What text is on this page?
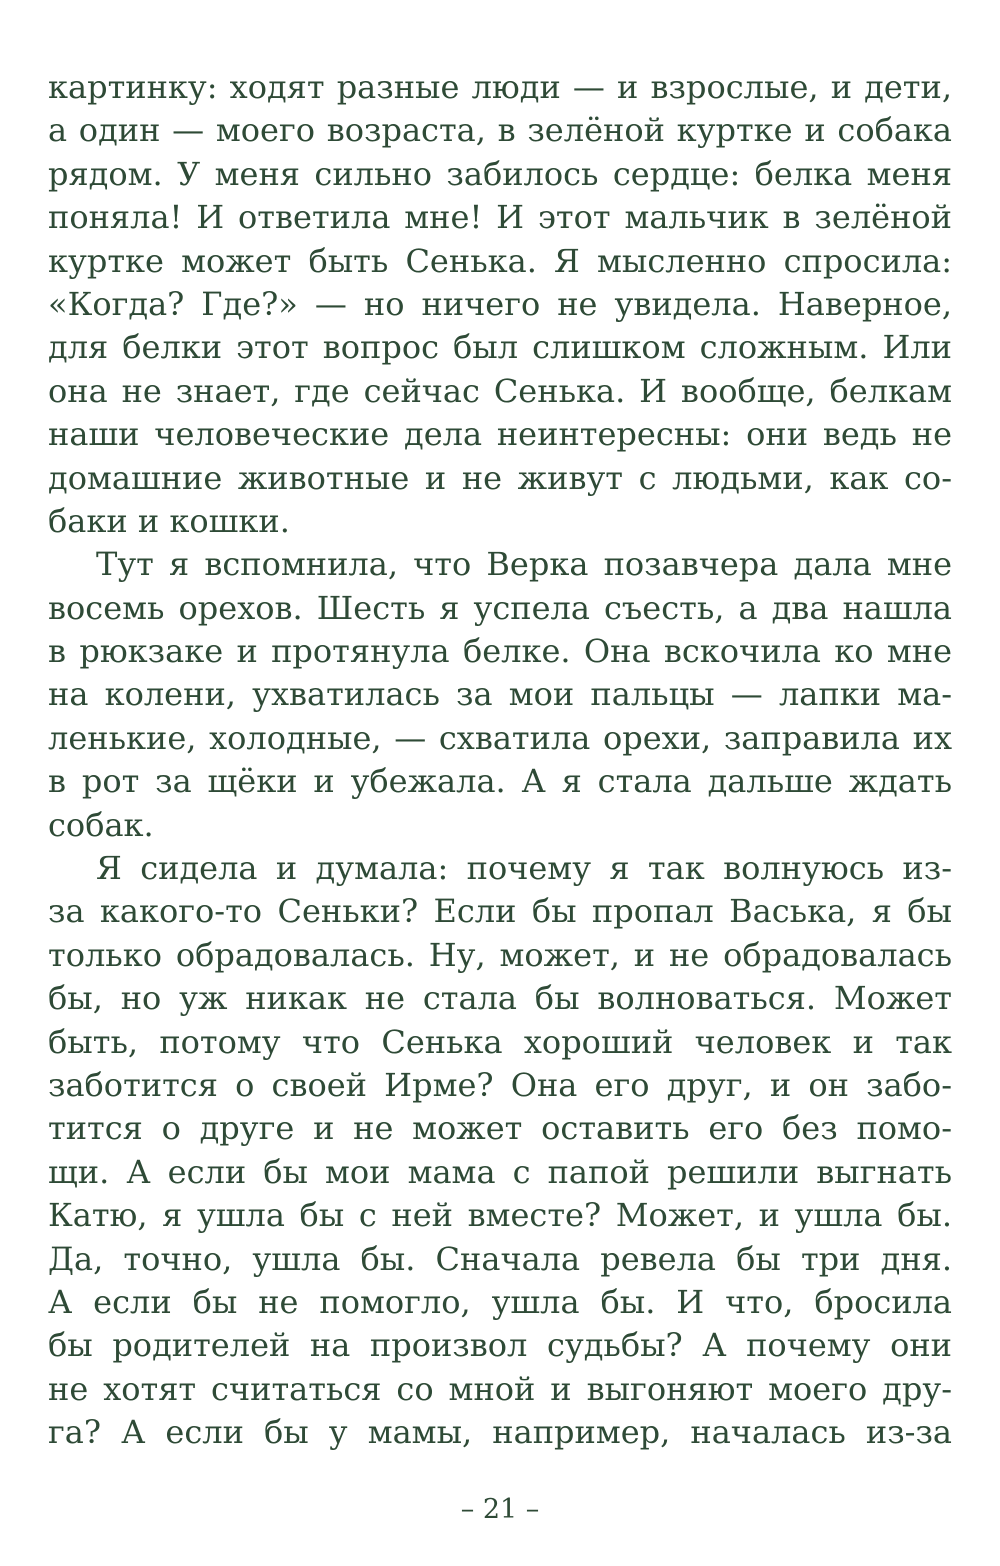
картинку: ходят разные люди — и взрослые, и дети,
а один — моего возраста, в зелёной куртке и собака
рядом. У меня сильно забилось сердце: белка меня
поняла! И ответила мне! И этот мальчик в зелёной
куртке может быть Сенька. Я мысленно спросила:
«Когда? Где?» — но ничего не увидела. Наверное,
для белки этот вопрос был слишком сложным. Или
она не знает, где сейчас Сенька. И вообще, белкам
наши человеческие дела неинтересны: они ведь не
домашние животные и не живут с людьми, как со-
баки и кошки.
Тут я вспомнила, что Верка позавчера дала мне
восемь орехов. Шесть я успела съесть, а два нашла
в рюкзаке и протянула белке. Она вскочила ко мне
на колени, ухватилась за мои пальцы — лапки ма-
ленькие, холодные, — схватила орехи, заправила их
в рот за щёки и убежала. А я стала дальше ждать
собак.
Я сидела и думала: почему я так волнуюсь из-
за какого-то Сеньки? Если бы пропал Васька, я бы
только обрадовалась. Ну, может, и не обрадовалась
бы, но уж никак не стала бы волноваться. Может
быть, потому что Сенька хороший человек и так
заботится о своей Ирме? Она его друг, и он забо-
тится о друге и не может оставить его без помо-
щи. А если бы мои мама с папой решили выгнать
Катю, я ушла бы с ней вместе? Может, и ушла бы.
Да, точно, ушла бы. Сначала ревела бы три дня.
А если бы не помогло, ушла бы. И что, бросила
бы родителей на произвол судьбы? А почему они
не хотят считаться со мной и выгоняют моего дру-
га? А если бы у мамы, например, началась из-за
– 21 –
